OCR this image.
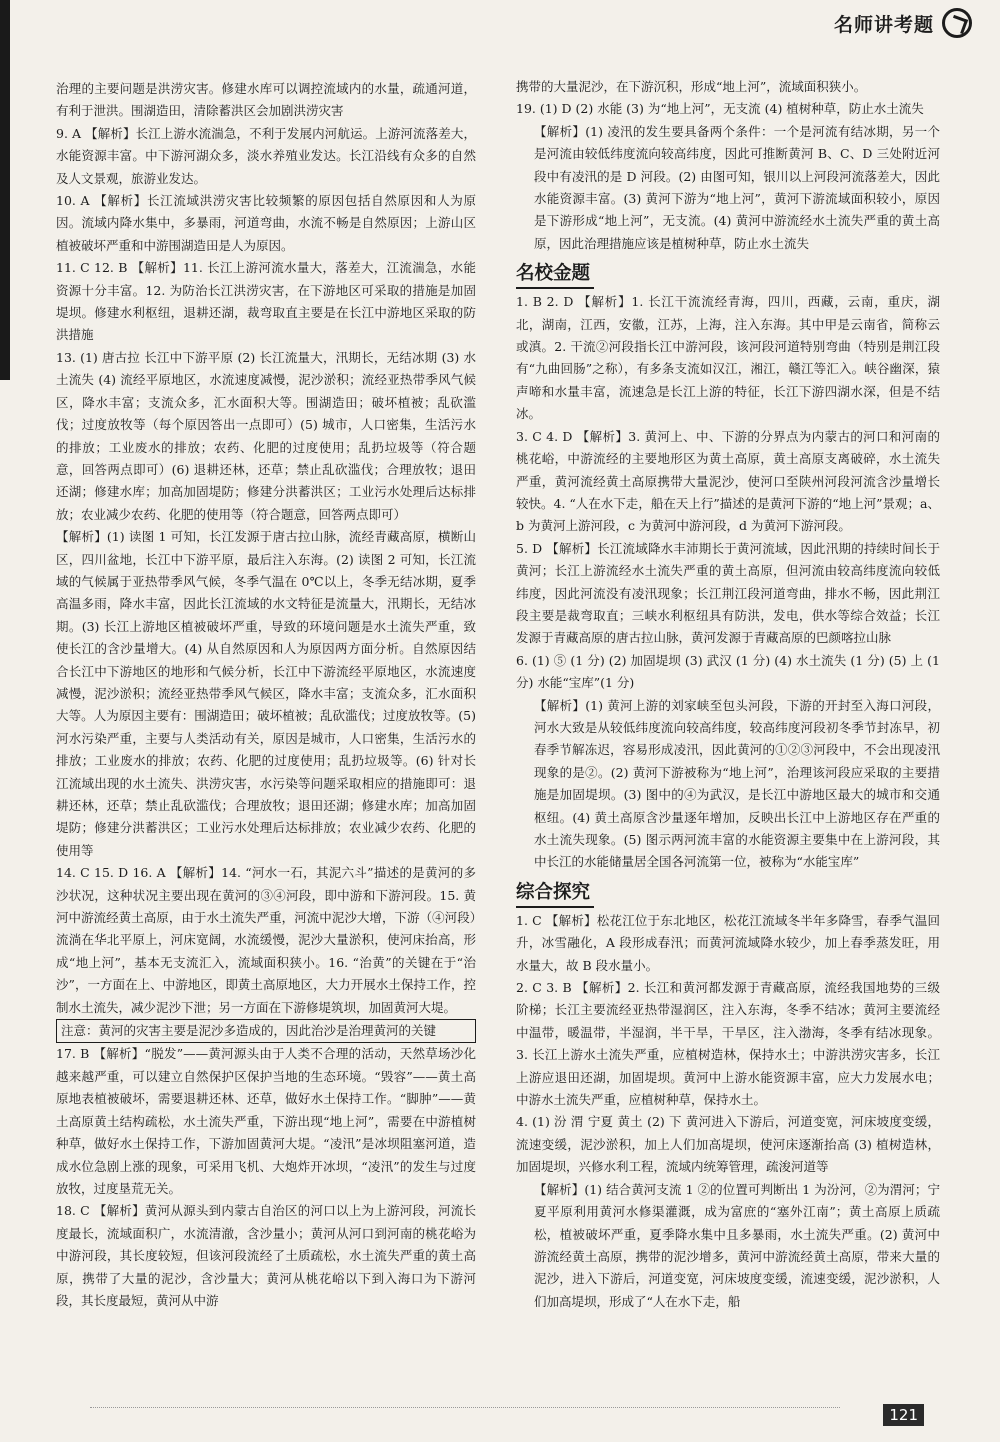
名师讲考题

治理的主要问题是洪涝灾害。修建水库可以调控流域内的水量，疏通河道，有利于泄洪。围湖造田，清除蓄洪区会加剧洪涝灾害

9. A 【解析】长江上游水流湍急，不利于发展内河航运。上游河流落差大，水能资源丰富。中下游河湖众多，淡水养殖业发达。长江沿线有众多的自然及人文景观，旅游业发达。

10. A 【解析】长江流域洪涝灾害比较频繁的原因包括自然原因和人为原因。流域内降水集中，多暴雨，河道弯曲，水流不畅是自然原因；上游山区植被破坏严重和中游围湖造田是人为原因。

11. C 12. B 【解析】11. 长江上游河流水量大，落差大，江流湍急，水能资源十分丰富。12. 为防治长江洪涝灾害，在下游地区可采取的措施是加固堤坝。修建水利枢纽，退耕还湖，裁弯取直主要是在长江中游地区采取的防洪措施

13. (1) 唐古拉 长江中下游平原 (2) 长江流量大，汛期长，无结冰期 (3) 水土流失 (4) 流经平原地区，水流速度减慢，泥沙淤积；流经亚热带季风气候区，降水丰富；支流众多，汇水面积大等。围湖造田；破坏植被；乱砍滥伐；过度放牧等（每个原因答出一点即可）(5) 城市，人口密集，生活污水的排放；工业废水的排放；农药、化肥的过度使用；乱扔垃圾等（符合题意，回答两点即可）(6) 退耕还林，还草；禁止乱砍滥伐；合理放牧；退田还湖；修建水库；加高加固堤防；修建分洪蓄洪区；工业污水处理后达标排放；农业减少农药、化肥的使用等（符合题意，回答两点即可）

【解析】(1) 读图 1 可知，长江发源于唐古拉山脉，流经青藏高原，横断山区，四川盆地，长江中下游平原，最后注入东海。(2) 读图 2 可知，长江流域的气候属于亚热带季风气候，冬季气温在 0℃以上，冬季无结冰期，夏季高温多雨，降水丰富，因此长江流域的水文特征是流量大，汛期长，无结冰期。(3) 长江上游地区植被破坏严重，导致的环境问题是水土流失严重，致使长江的含沙量增大。(4) 从自然原因和人为原因两方面分析。自然原因结合长江中下游地区的地形和气候分析，长江中下游流经平原地区，水流速度减慢，泥沙淤积；流经亚热带季风气候区，降水丰富；支流众多，汇水面积大等。人为原因主要有：围湖造田；破坏植被；乱砍滥伐；过度放牧等。(5) 河水污染严重，主要与人类活动有关，原因是城市，人口密集，生活污水的排放；工业废水的排放；农药、化肥的过度使用；乱扔垃圾等。(6) 针对长江流域出现的水土流失、洪涝灾害，水污染等问题采取相应的措施即可：退耕还林，还草；禁止乱砍滥伐；合理放牧；退田还湖；修建水库；加高加固堤防；修建分洪蓄洪区；工业污水处理后达标排放；农业减少农药、化肥的使用等

14. C 15. D 16. A 【解析】14. “河水一石，其泥六斗”描述的是黄河的多沙状况，这种状况主要出现在黄河的③④河段，即中游和下游河段。15. 黄河中游流经黄土高原，由于水土流失严重，河流中泥沙大增，下游（④河段）流淌在华北平原上，河床宽阔，水流缓慢，泥沙大量淤积，使河床抬高，形成“地上河”，基本无支流汇入，流域面积狭小。16. “治黄”的关键在于“治沙”，一方面在上、中游地区，即黄土高原地区，大力开展水土保持工作，控制水土流失，减少泥沙下泄；另一方面在下游修堤筑坝，加固黄河大堤。

注意：黄河的灾害主要是泥沙多造成的，因此治沙是治理黄河的关键

17. B 【解析】“脱发”——黄河源头由于人类不合理的活动，天然草场沙化越来越严重，可以建立自然保护区保护当地的生态环境。“毁容”——黄土高原地表植被破坏，需要退耕还林、还草，做好水土保持工作。“脚肿”——黄土高原黄土结构疏松，水土流失严重，下游出现“地上河”，需要在中游植树种草，做好水土保持工作，下游加固黄河大堤。“凌汛”是冰坝阻塞河道，造成水位急剧上涨的现象，可采用飞机、大炮炸开冰坝，“凌汛”的发生与过度放牧，过度垦荒无关。

18. C 【解析】黄河从源头到内蒙古自治区的河口以上为上游河段，河流长度最长，流域面积广，水流清澈，含沙量小；黄河从河口到河南的桃花峪为中游河段，其长度较短，但该河段流经了土质疏松，水土流失严重的黄土高原，携带了大量的泥沙，含沙量大；黄河从桃花峪以下到入海口为下游河段，其长度最短，黄河从中游

携带的大量泥沙，在下游沉积，形成“地上河”，流域面积狭小。

19. (1) D (2) 水能 (3) 为“地上河”，无支流 (4) 植树种草，防止水土流失

【解析】(1) 凌汛的发生要具备两个条件：一个是河流有结冰期，另一个是河流由较低纬度流向较高纬度，因此可推断黄河 B、C、D 三处附近河段中有凌汛的是 D 河段。(2) 由图可知，银川以上河段河流落差大，因此水能资源丰富。(3) 黄河下游为“地上河”，黄河下游流域面积较小，原因是下游形成“地上河”，无支流。(4) 黄河中游流经水土流失严重的黄土高原，因此治理措施应该是植树种草，防止水土流失

名校金题

1. B 2. D 【解析】1. 长江干流流经青海，四川，西藏，云南，重庆，湖北，湖南，江西，安徽，江苏，上海，注入东海。其中甲是云南省，简称云或滇。2. 干流②河段指长江中游河段，该河段河道特别弯曲（特别是荆江段有“九曲回肠”之称），有多条支流如汉江，湘江，赣江等汇入。峡谷幽深，猿声啼和水量丰富，流速急是长江上游的特征，长江下游四湖水深，但是不结冰。

3. C 4. D 【解析】3. 黄河上、中、下游的分界点为内蒙古的河口和河南的桃花峪，中游流经的主要地形区为黄土高原，黄土高原支离破碎，水土流失严重，黄河流经黄土高原携带大量泥沙，使河口至陕州河段河流含沙量增长较快。4. “人在水下走，船在天上行”描述的是黄河下游的“地上河”景观；a、b 为黄河上游河段，c 为黄河中游河段，d 为黄河下游河段。

5. D 【解析】长江流域降水丰沛期长于黄河流域，因此汛期的持续时间长于黄河；长江上游流经水土流失严重的黄土高原，但河流由较高纬度流向较低纬度，因此河流没有凌汛现象；长江荆江段河道弯曲，排水不畅，因此荆江段主要是裁弯取直；三峡水利枢纽具有防洪，发电，供水等综合效益；长江发源于青藏高原的唐古拉山脉，黄河发源于青藏高原的巴颜喀拉山脉

6. (1) ⑤ (1 分) (2) 加固堤坝 (3) 武汉 (1 分) (4) 水土流失 (1 分) (5) 上 (1 分) 水能“宝库”(1 分)

【解析】(1) 黄河上游的刘家峡至包头河段，下游的开封至入海口河段，河水大致是从较低纬度流向较高纬度，较高纬度河段初冬季节封冻早，初春季节解冻迟，容易形成凌汛，因此黄河的①②③河段中，不会出现凌汛现象的是②。(2) 黄河下游被称为“地上河”，治理该河段应采取的主要措施是加固堤坝。(3) 图中的④为武汉，是长江中游地区最大的城市和交通枢纽。(4) 黄土高原含沙量逐年增加，反映出长江中上游地区存在严重的水土流失现象。(5) 图示两河流丰富的水能资源主要集中在上游河段，其中长江的水能储量居全国各河流第一位，被称为“水能宝库”

综合探究

1. C 【解析】松花江位于东北地区，松花江流域冬半年多降雪，春季气温回升，冰雪融化，A 段形成春汛；而黄河流域降水较少，加上春季蒸发旺，用水量大，故 B 段水量小。

2. C 3. B 【解析】2. 长江和黄河都发源于青藏高原，流经我国地势的三级阶梯；长江主要流经亚热带湿润区，注入东海，冬季不结冰；黄河主要流经中温带，暖温带，半湿润，半干旱，干旱区，注入渤海，冬季有结冰现象。3. 长江上游水土流失严重，应植树造林，保持水土；中游洪涝灾害多，长江上游应退田还湖，加固堤坝。黄河中上游水能资源丰富，应大力发展水电；中游水土流失严重，应植树种草，保持水土。

4. (1) 汾 渭 宁夏 黄土 (2) 下 黄河进入下游后，河道变宽，河床坡度变缓，流速变缓，泥沙淤积，加上人们加高堤坝，使河床逐渐抬高 (3) 植树造林，加固堤坝，兴修水利工程，流域内统筹管理，疏浚河道等

【解析】(1) 结合黄河支流 1 ②的位置可判断出 1 为汾河，②为渭河；宁夏平原利用黄河水修渠灌溉，成为富庶的“塞外江南”；黄土高原上质疏松，植被破坏严重，夏季降水集中且多暴雨，水土流失严重。(2) 黄河中游流经黄土高原，携带的泥沙增多，黄河中游流经黄土高原，带来大量的泥沙，进入下游后，河道变宽，河床坡度变缓，流速变缓，泥沙淤积，人们加高堤坝，形成了“人在水下走，船

121
